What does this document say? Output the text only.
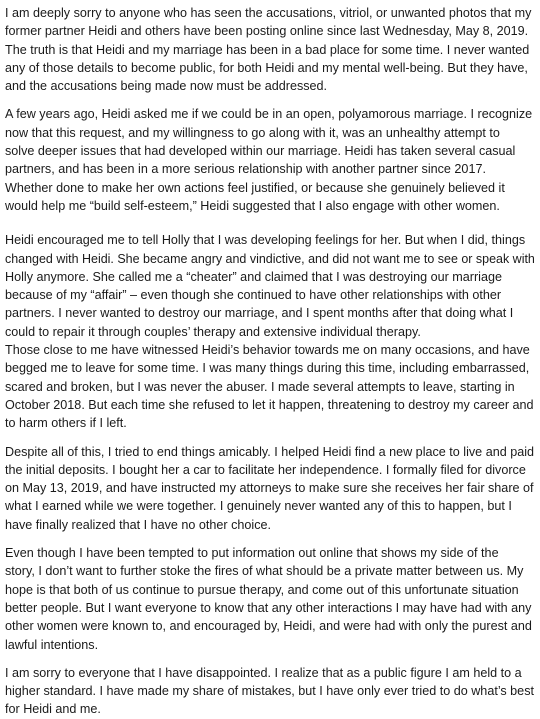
I am deeply sorry to anyone who has seen the accusations, vitriol, or unwanted photos that my
former partner Heidi and others have been posting online since last Wednesday, May 8, 2019.
The truth is that Heidi and my marriage has been in a bad place for some time. I never wanted
any of those details to become public, for both Heidi and my mental well-being. But they have,
and the accusations being made now must be addressed.
A few years ago, Heidi asked me if we could be in an open, polyamorous marriage. I recognize
now that this request, and my willingness to go along with it, was an unhealthy attempt to
solve deeper issues that had developed within our marriage. Heidi has taken several casual
partners, and has been in a more serious relationship with another partner since 2017.
Whether done to make her own actions feel justified, or because she genuinely believed it
would help me “build self-esteem,” Heidi suggested that I also engage with other women.
Heidi encouraged me to tell Holly that I was developing feelings for her. But when I did, things
changed with Heidi. She became angry and vindictive, and did not want me to see or speak with
Holly anymore. She called me a “cheater” and claimed that I was destroying our marriage
because of my “affair” – even though she continued to have other relationships with other
partners. I never wanted to destroy our marriage, and I spent months after that doing what I
could to repair it through couples’ therapy and extensive individual therapy.
Those close to me have witnessed Heidi’s behavior towards me on many occasions, and have
begged me to leave for some time. I was many things during this time, including embarrassed,
scared and broken, but I was never the abuser. I made several attempts to leave, starting in
October 2018. But each time she refused to let it happen, threatening to destroy my career and
to harm others if I left.
Despite all of this, I tried to end things amicably. I helped Heidi find a new place to live and paid
the initial deposits. I bought her a car to facilitate her independence. I formally filed for divorce
on May 13, 2019, and have instructed my attorneys to make sure she receives her fair share of
what I earned while we were together. I genuinely never wanted any of this to happen, but I
have finally realized that I have no other choice.
Even though I have been tempted to put information out online that shows my side of the
story, I don’t want to further stoke the fires of what should be a private matter between us. My
hope is that both of us continue to pursue therapy, and come out of this unfortunate situation
better people. But I want everyone to know that any other interactions I may have had with any
other women were known to, and encouraged by, Heidi, and were had with only the purest and
lawful intentions.
I am sorry to everyone that I have disappointed. I realize that as a public figure I am held to a
higher standard. I have made my share of mistakes, but I have only ever tried to do what’s best
for Heidi and me.
